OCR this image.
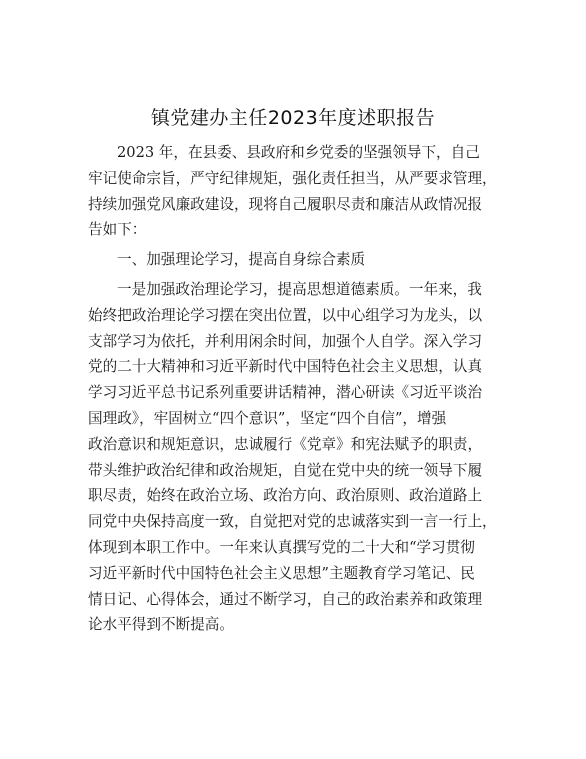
镇党建办主任2023年度述职报告
2023 年，在县委、县政府和乡党委的坚强领导下，自己
牢记使命宗旨，严守纪律规矩，强化责任担当，从严要求管理，
持续加强党风廉政建设，现将自己履职尽责和廉洁从政情况报
告如下：
一、加强理论学习，提高自身综合素质
一是加强政治理论学习，提高思想道德素质。一年来，我
始终把政治理论学习摆在突出位置，以中心组学习为龙头，以
支部学习为依托，并利用闲余时间，加强个人自学。深入学习
党的二十大精神和习近平新时代中国特色社会主义思想，认真
学习习近平总书记系列重要讲话精神，潜心研读《习近平谈治
国理政》，牢固树立“四个意识”，坚定“四个自信”，增强
政治意识和规矩意识，忠诚履行《党章》和宪法赋予的职责，
带头维护政治纪律和政治规矩，自觉在党中央的统一领导下履
职尽责，始终在政治立场、政治方向、政治原则、政治道路上
同党中央保持高度一致，自觉把对党的忠诚落实到一言一行上，
体现到本职工作中。一年来认真撰写党的二十大和“学习贯彻
习近平新时代中国特色社会主义思想”主题教育学习笔记、民
情日记、心得体会，通过不断学习，自己的政治素养和政策理
论水平得到不断提高。
